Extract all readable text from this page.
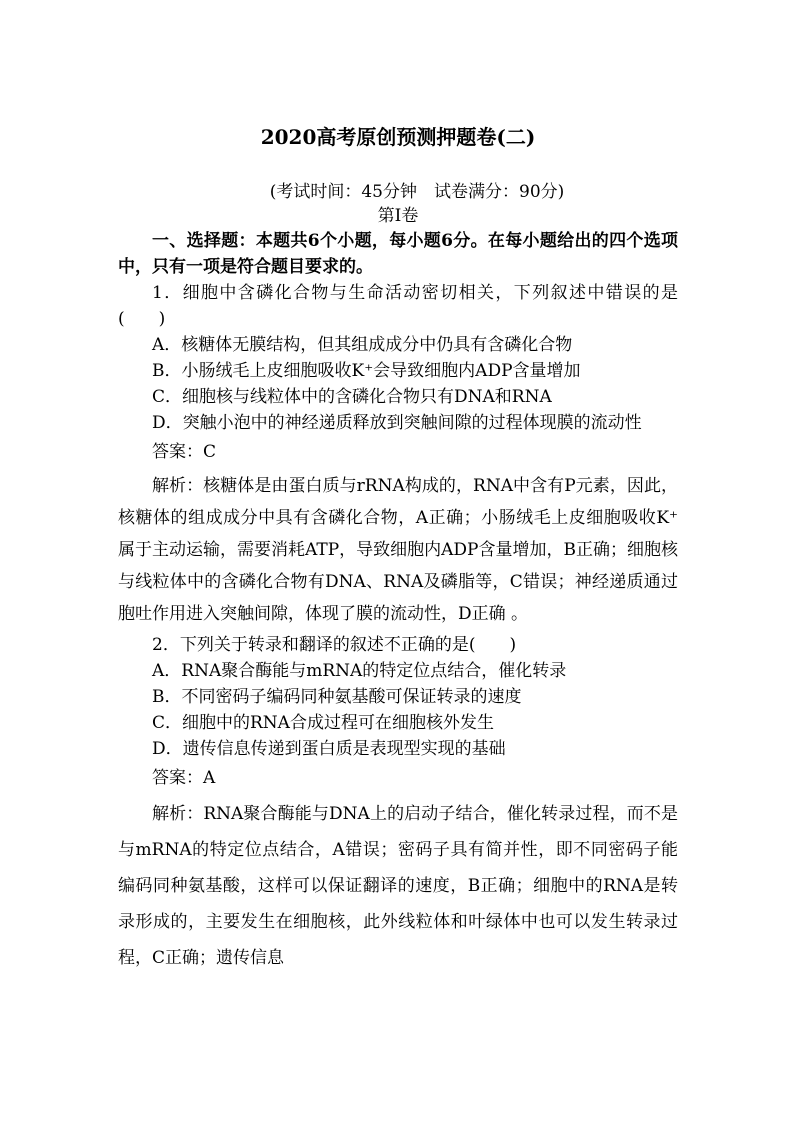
2020高考原创预测押题卷(二)
(考试时间：45分钟　试卷满分：90分)
第Ⅰ卷

一、选择题：本题共6个小题，每小题6分。在每小题给出的四个选项中，只有一项是符合题目要求的。

1．细胞中含磷化合物与生命活动密切相关，下列叙述中错误的是(　　)

A．核糖体无膜结构，但其组成成分中仍具有含磷化合物

B．小肠绒毛上皮细胞吸收K⁺会导致细胞内ADP含量增加

C．细胞核与线粒体中的含磷化合物只有DNA和RNA

D．突触小泡中的神经递质释放到突触间隙的过程体现膜的流动性

答案：C

解析：核糖体是由蛋白质与rRNA构成的，RNA中含有P元素，因此，核糖体的组成成分中具有含磷化合物，A正确；小肠绒毛上皮细胞吸收K⁺属于主动运输，需要消耗ATP，导致细胞内ADP含量增加，B正确；细胞核与线粒体中的含磷化合物有DNA、RNA及磷脂等，C错误；神经递质通过胞吐作用进入突触间隙，体现了膜的流动性，D正确 。

2．下列关于转录和翻译的叙述不正确的是(　　)

A．RNA聚合酶能与mRNA的特定位点结合，催化转录

B．不同密码子编码同种氨基酸可保证转录的速度

C．细胞中的RNA合成过程可在细胞核外发生

D．遗传信息传递到蛋白质是表现型实现的基础

答案：A

解析：RNA聚合酶能与DNA上的启动子结合，催化转录过程，而不是与mRNA的特定位点结合，A错误；密码子具有简并性，即不同密码子能编码同种氨基酸，这样可以保证翻译的速度，B正确；细胞中的RNA是转录形成的，主要发生在细胞核，此外线粒体和叶绿体中也可以发生转录过程，C正确；遗传信息
